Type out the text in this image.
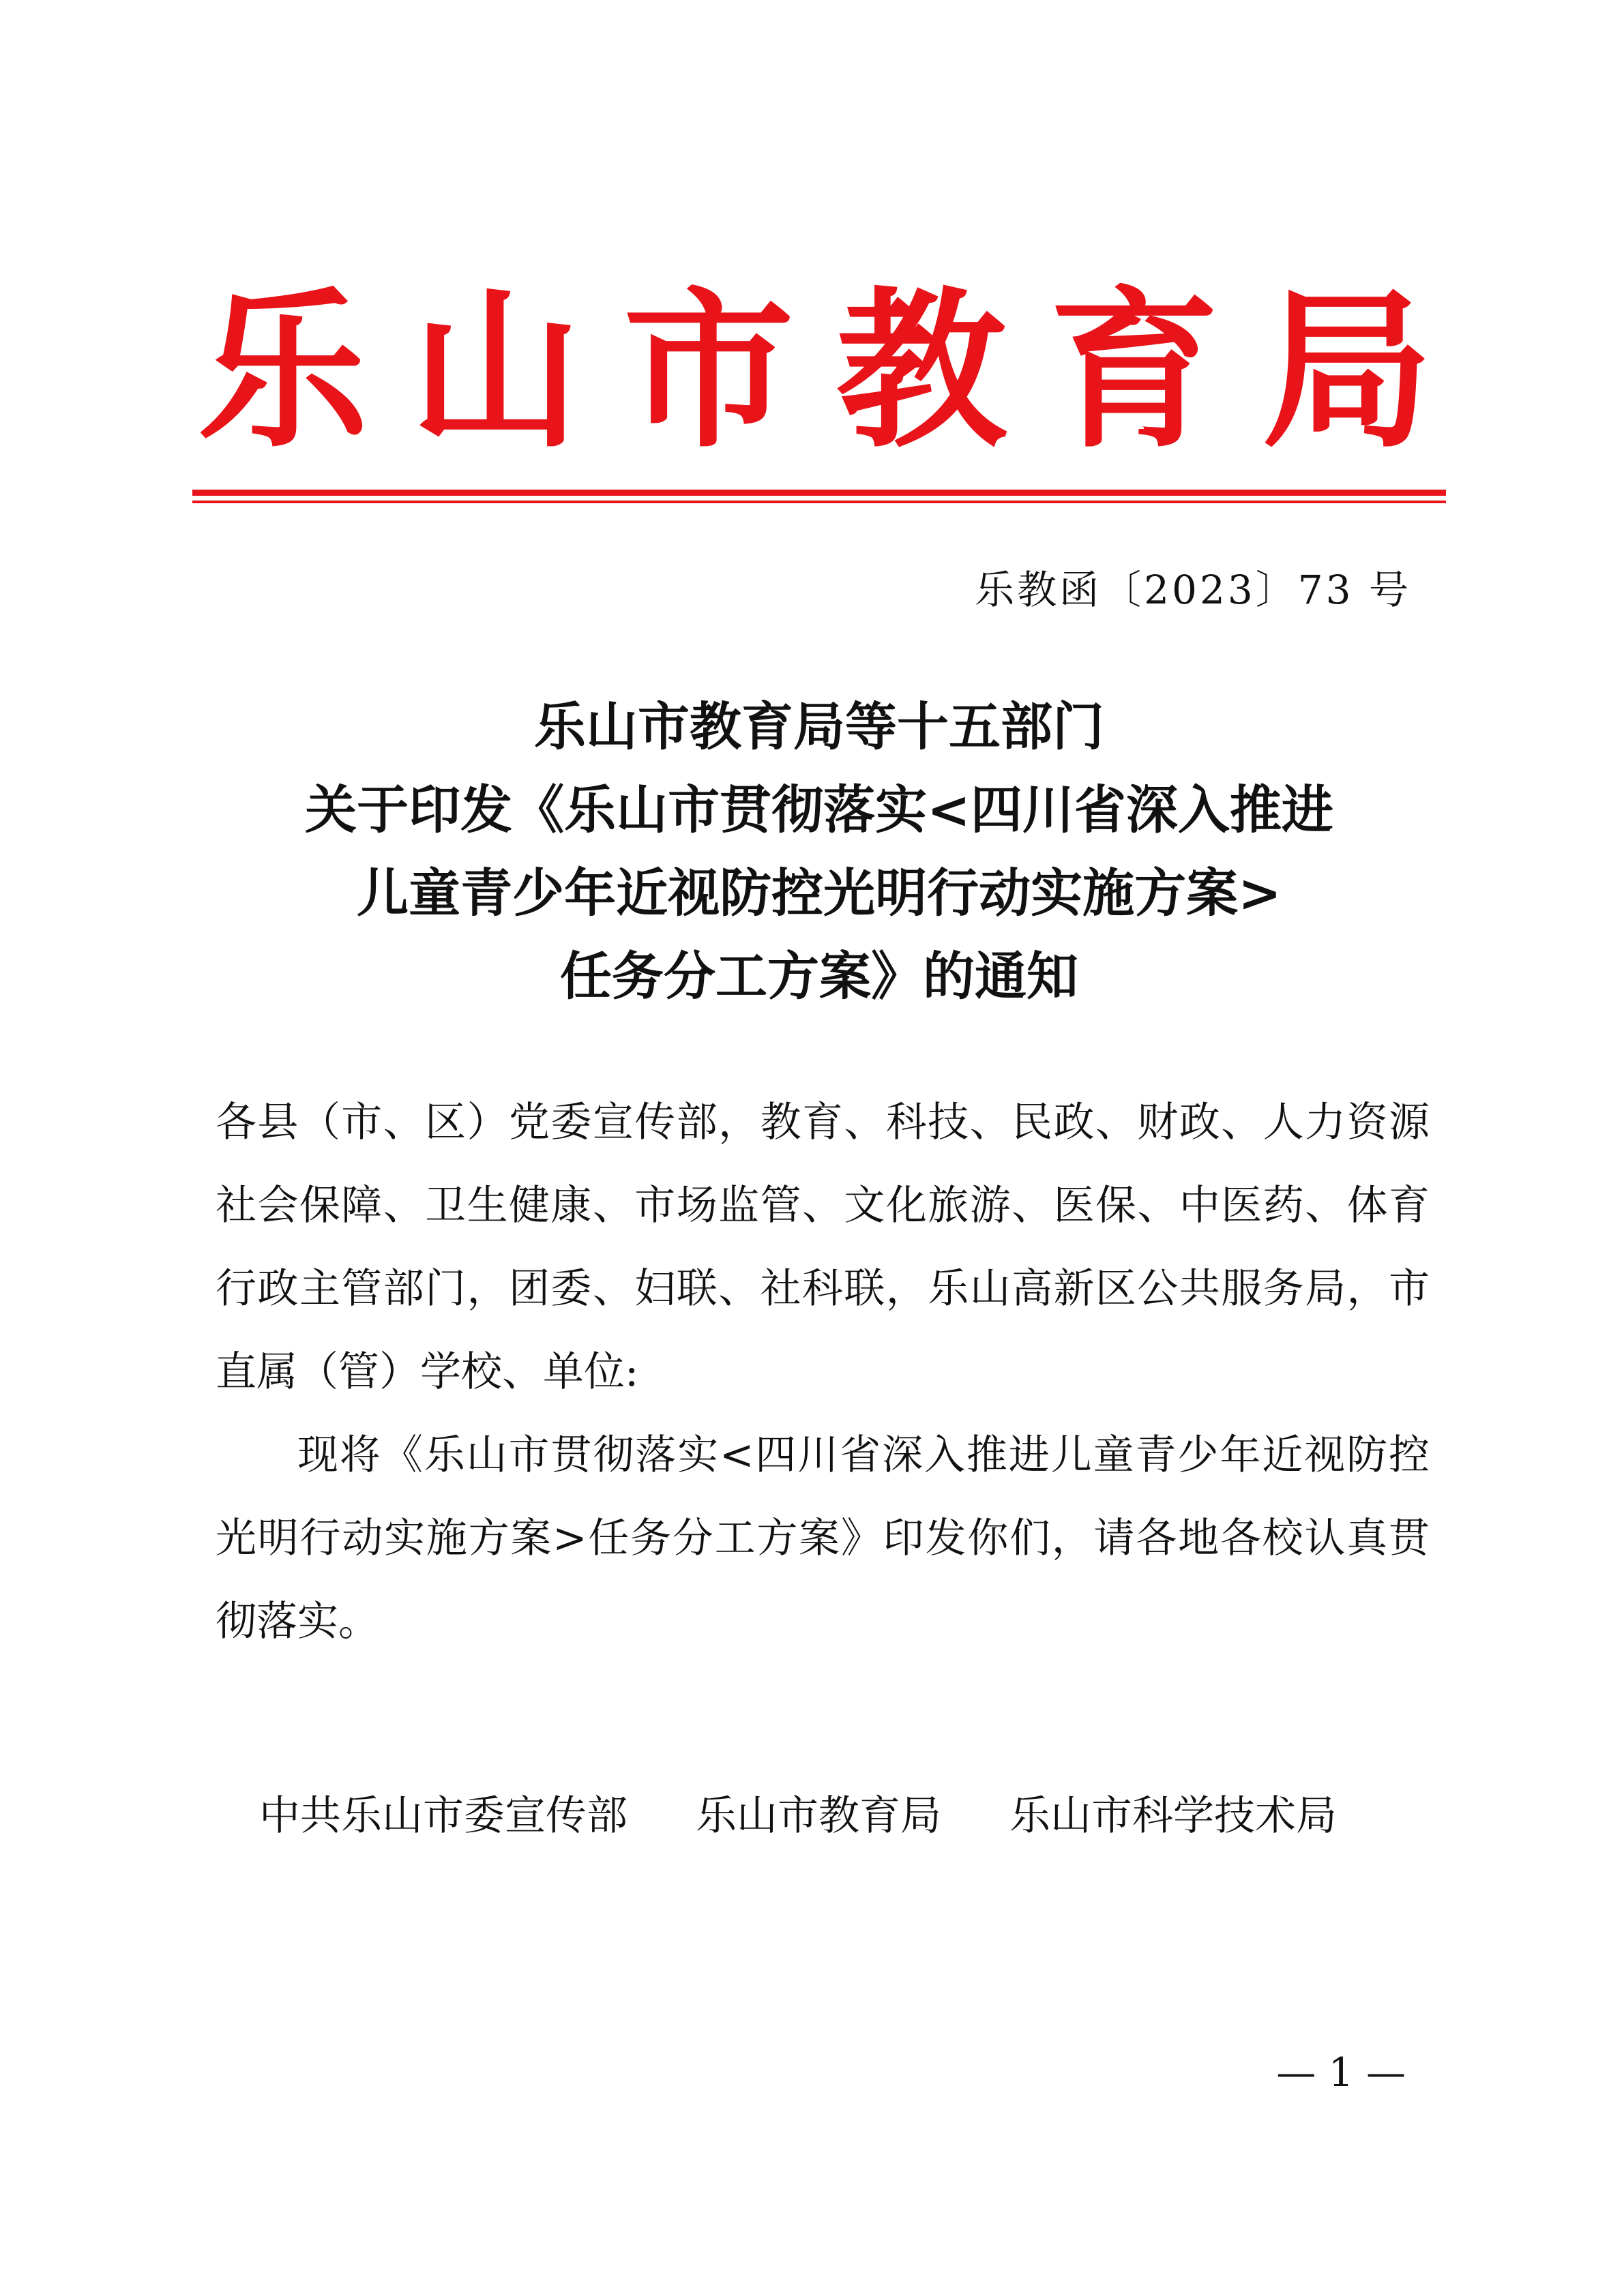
乐 山 市 教 育 局
乐教函〔2023〕73 号
乐山市教育局等十五部门
关于印发《乐山市贯彻落实<四川省深入推进
儿童青少年近视防控光明行动实施方案>
任务分工方案》的通知

各县（市、区）党委宣传部，教育、科技、民政、财政、人力资源社会保障、卫生健康、市场监管、文化旅游、医保、中医药、体育行政主管部门，团委、妇联、社科联，乐山高新区公共服务局，市直属（管）学校、单位:

现将《乐山市贯彻落实<四川省深入推进儿童青少年近视防控光明行动实施方案>任务分工方案》印发你们，请各地各校认真贯彻落实。

中共乐山市委宣传部 乐山市教育局 乐山市科学技术局
— 1 —
